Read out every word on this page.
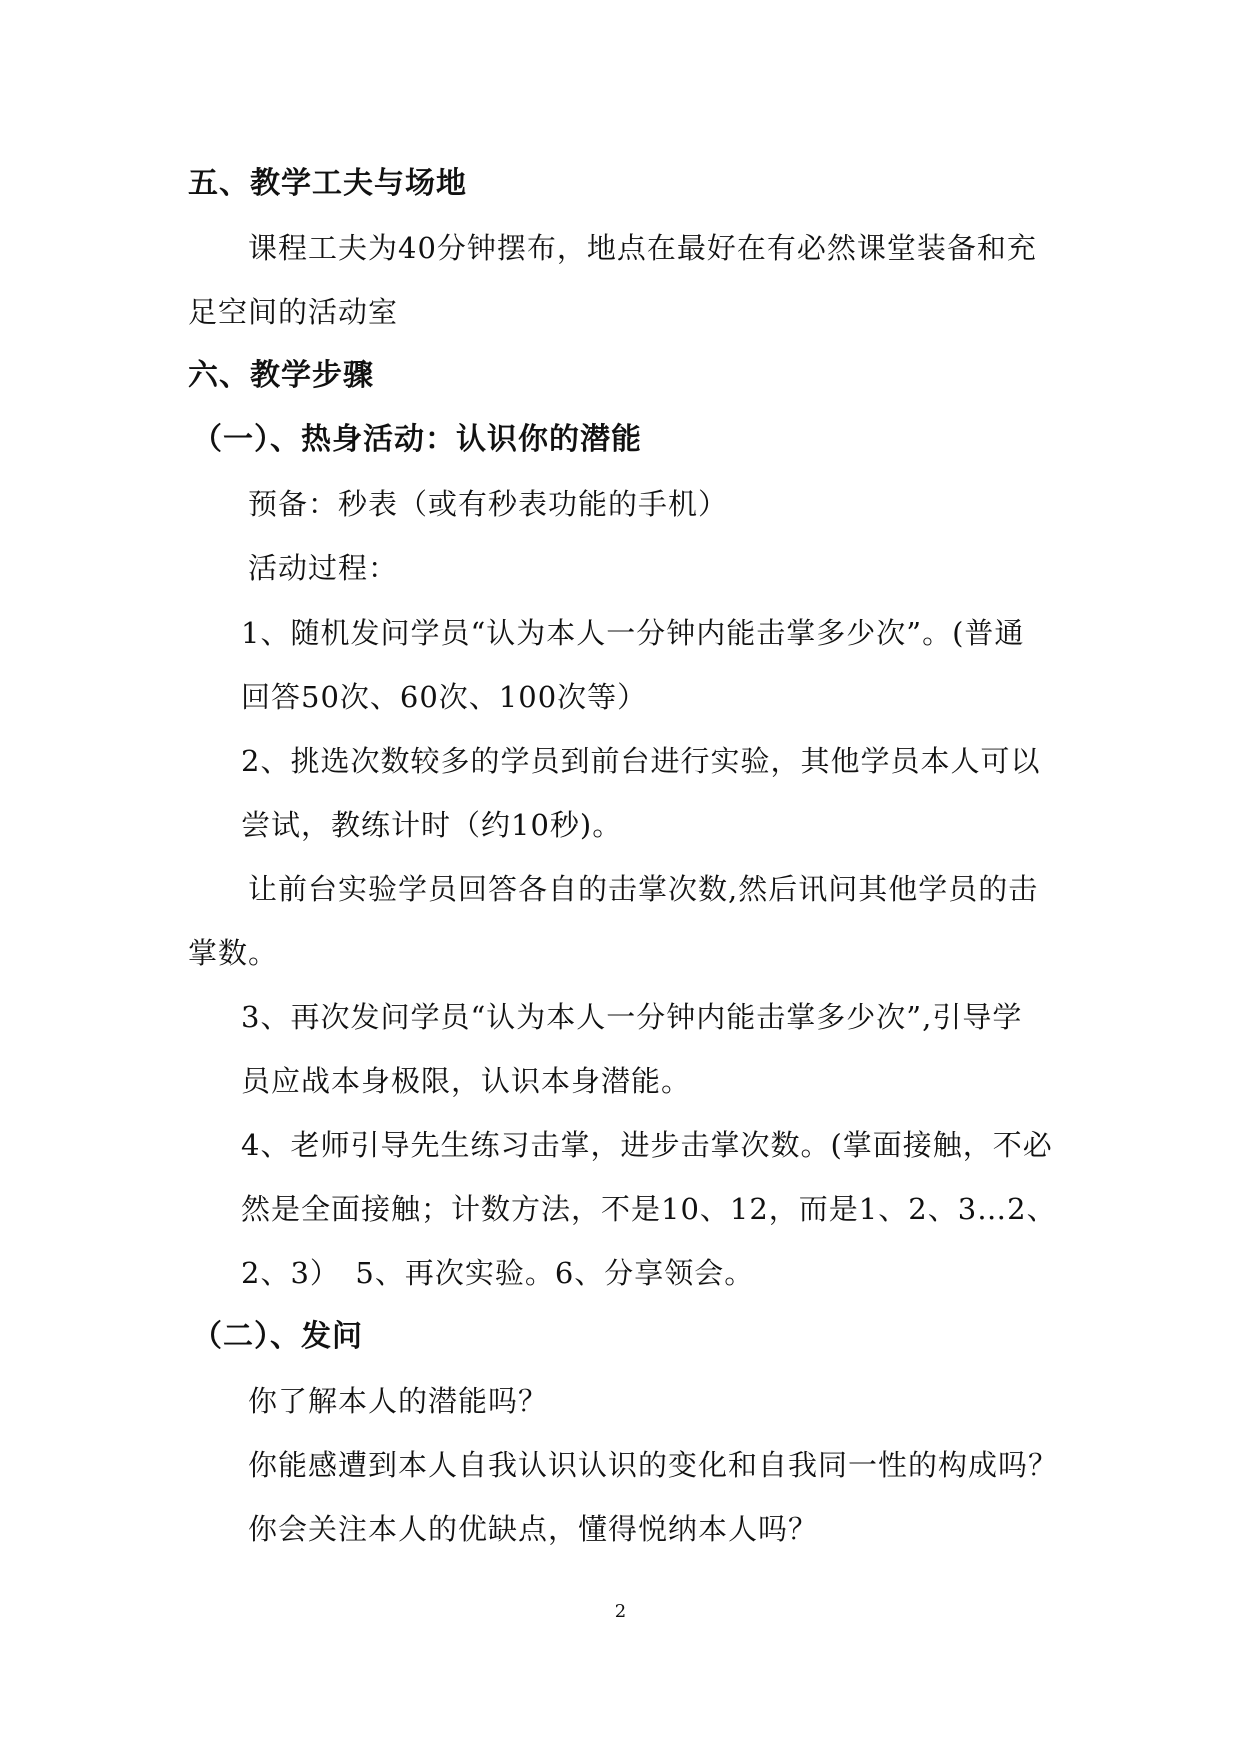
五、教学工夫与场地
课程工夫为40分钟摆布，地点在最好在有必然课堂装备和充
足空间的活动室
六、教学步骤
（一）、热身活动：认识你的潜能
预备：秒表（或有秒表功能的手机）
活动过程：
1、随机发问学员“认为本人一分钟内能击掌多少次”。(普通
回答50次、60次、100次等）
2、挑选次数较多的学员到前台进行实验，其他学员本人可以
尝试，教练计时（约10秒)。
让前台实验学员回答各自的击掌次数,然后讯问其他学员的击
掌数。
3、再次发问学员“认为本人一分钟内能击掌多少次”,引导学
员应战本身极限，认识本身潜能。
4、老师引导先生练习击掌，进步击掌次数。(掌面接触，不必
然是全面接触；计数方法，不是10、12，而是1、2、3…2、
2、3）　5、再次实验。6、分享领会。
（二）、发问
你了解本人的潜能吗？
你能感遭到本人自我认识认识的变化和自我同一性的构成吗？
你会关注本人的优缺点，懂得悦纳本人吗？
2
